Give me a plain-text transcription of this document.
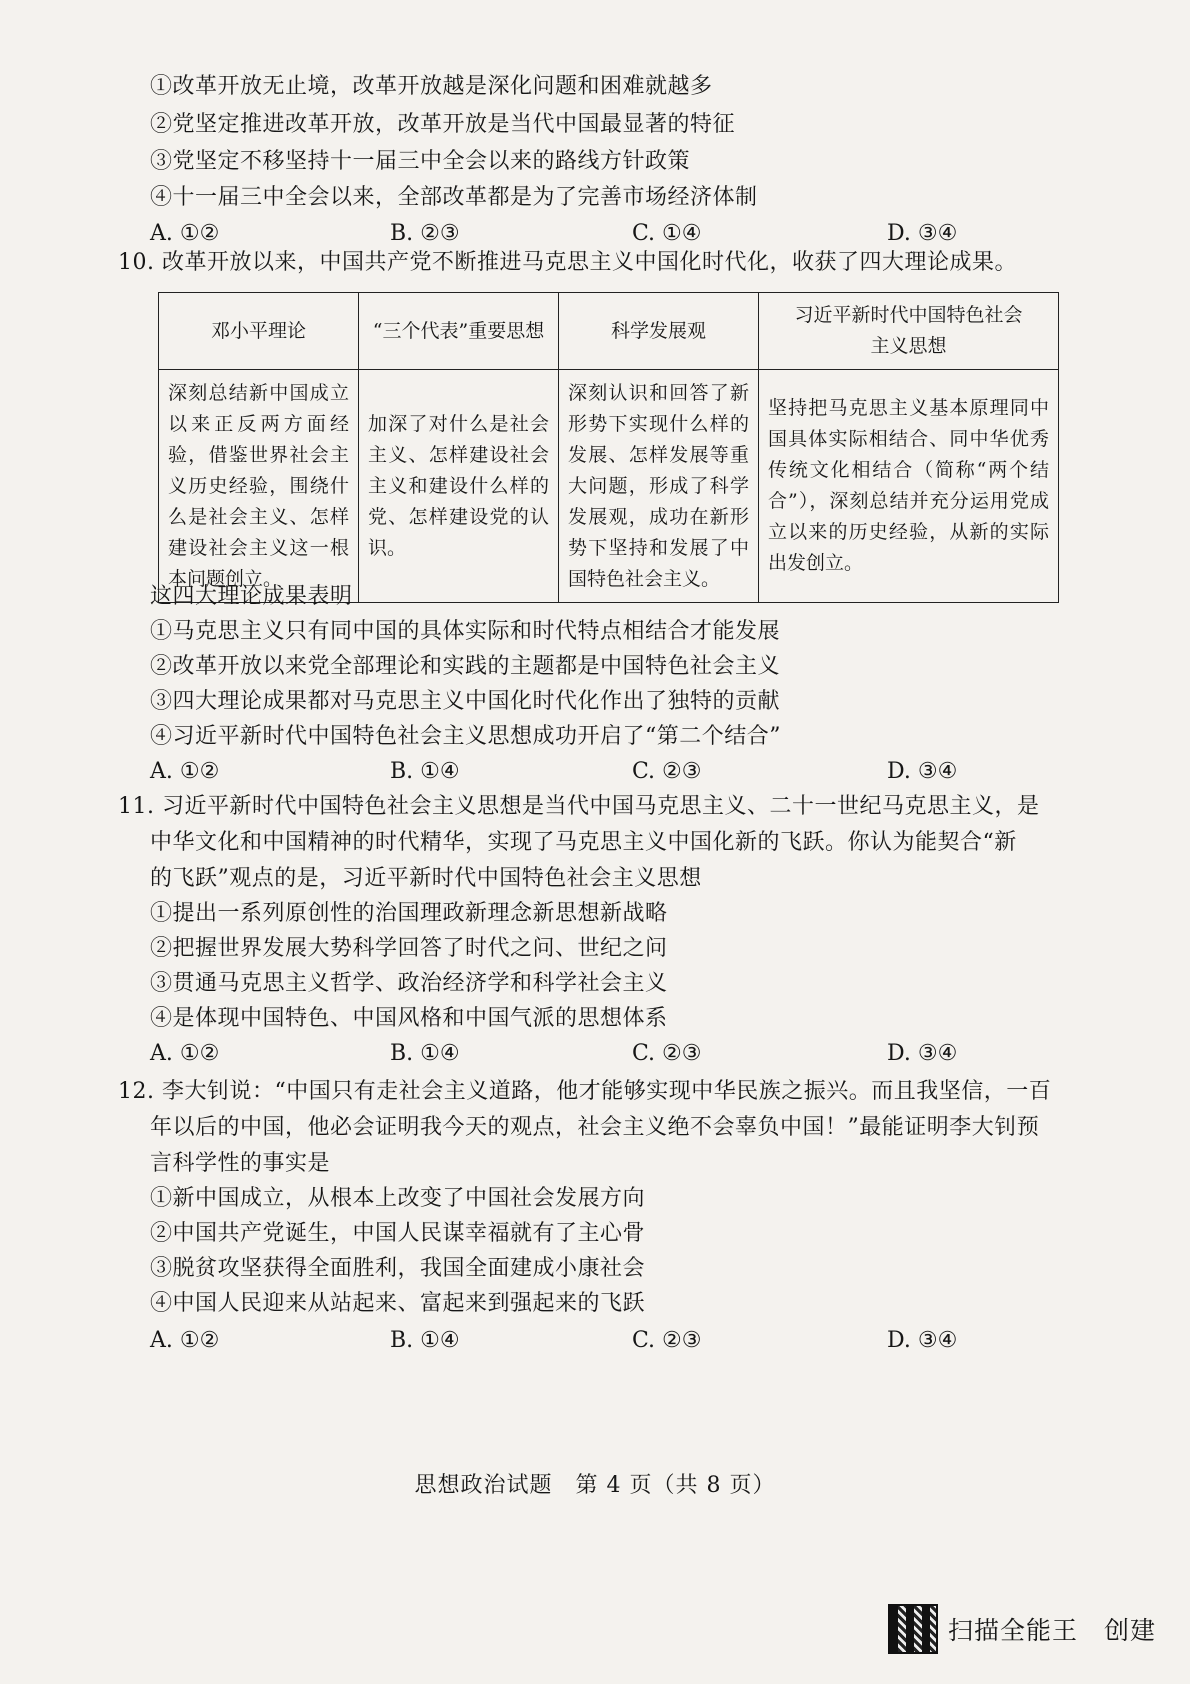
①改革开放无止境，改革开放越是深化问题和困难就越多
②党坚定推进改革开放，改革开放是当代中国最显著的特征
③党坚定不移坚持十一届三中全会以来的路线方针政策
④十一届三中全会以来，全部改革都是为了完善市场经济体制
A. ①②	B. ②③	C. ①④	D. ③④
10. 改革开放以来，中国共产党不断推进马克思主义中国化时代化，收获了四大理论成果。
邓小平理论	“三个代表”重要思想	科学发展观	习近平新时代中国特色社会主义思想
深刻总结新中国成立以来正反两方面经验，借鉴世界社会主义历史经验，围绕什么是社会主义、怎样建设社会主义这一根本问题创立。	加深了对什么是社会主义、怎样建设社会主义和建设什么样的党、怎样建设党的认识。	深刻认识和回答了新形势下实现什么样的发展、怎样发展等重大问题，形成了科学发展观，成功在新形势下坚持和发展了中国特色社会主义。	坚持把马克思主义基本原理同中国具体实际相结合、同中华优秀传统文化相结合（简称“两个结合”），深刻总结并充分运用党成立以来的历史经验，从新的实际出发创立。
这四大理论成果表明
①马克思主义只有同中国的具体实际和时代特点相结合才能发展
②改革开放以来党全部理论和实践的主题都是中国特色社会主义
③四大理论成果都对马克思主义中国化时代化作出了独特的贡献
④习近平新时代中国特色社会主义思想成功开启了“第二个结合”
A. ①②	B. ①④	C. ②③	D. ③④
11. 习近平新时代中国特色社会主义思想是当代中国马克思主义、二十一世纪马克思主义，是
中华文化和中国精神的时代精华，实现了马克思主义中国化新的飞跃。你认为能契合“新
的飞跃”观点的是，习近平新时代中国特色社会主义思想
①提出一系列原创性的治国理政新理念新思想新战略
②把握世界发展大势科学回答了时代之问、世纪之问
③贯通马克思主义哲学、政治经济学和科学社会主义
④是体现中国特色、中国风格和中国气派的思想体系
A. ①②	B. ①④	C. ②③	D. ③④
12. 李大钊说：“中国只有走社会主义道路，他才能够实现中华民族之振兴。而且我坚信，一百
年以后的中国，他必会证明我今天的观点，社会主义绝不会辜负中国！”最能证明李大钊预
言科学性的事实是
①新中国成立，从根本上改变了中国社会发展方向
②中国共产党诞生，中国人民谋幸福就有了主心骨
③脱贫攻坚获得全面胜利，我国全面建成小康社会
④中国人民迎来从站起来、富起来到强起来的飞跃
A. ①②	B. ①④	C. ②③	D. ③④
思想政治试题　第 4 页（共 8 页）
扫描全能王　创建
